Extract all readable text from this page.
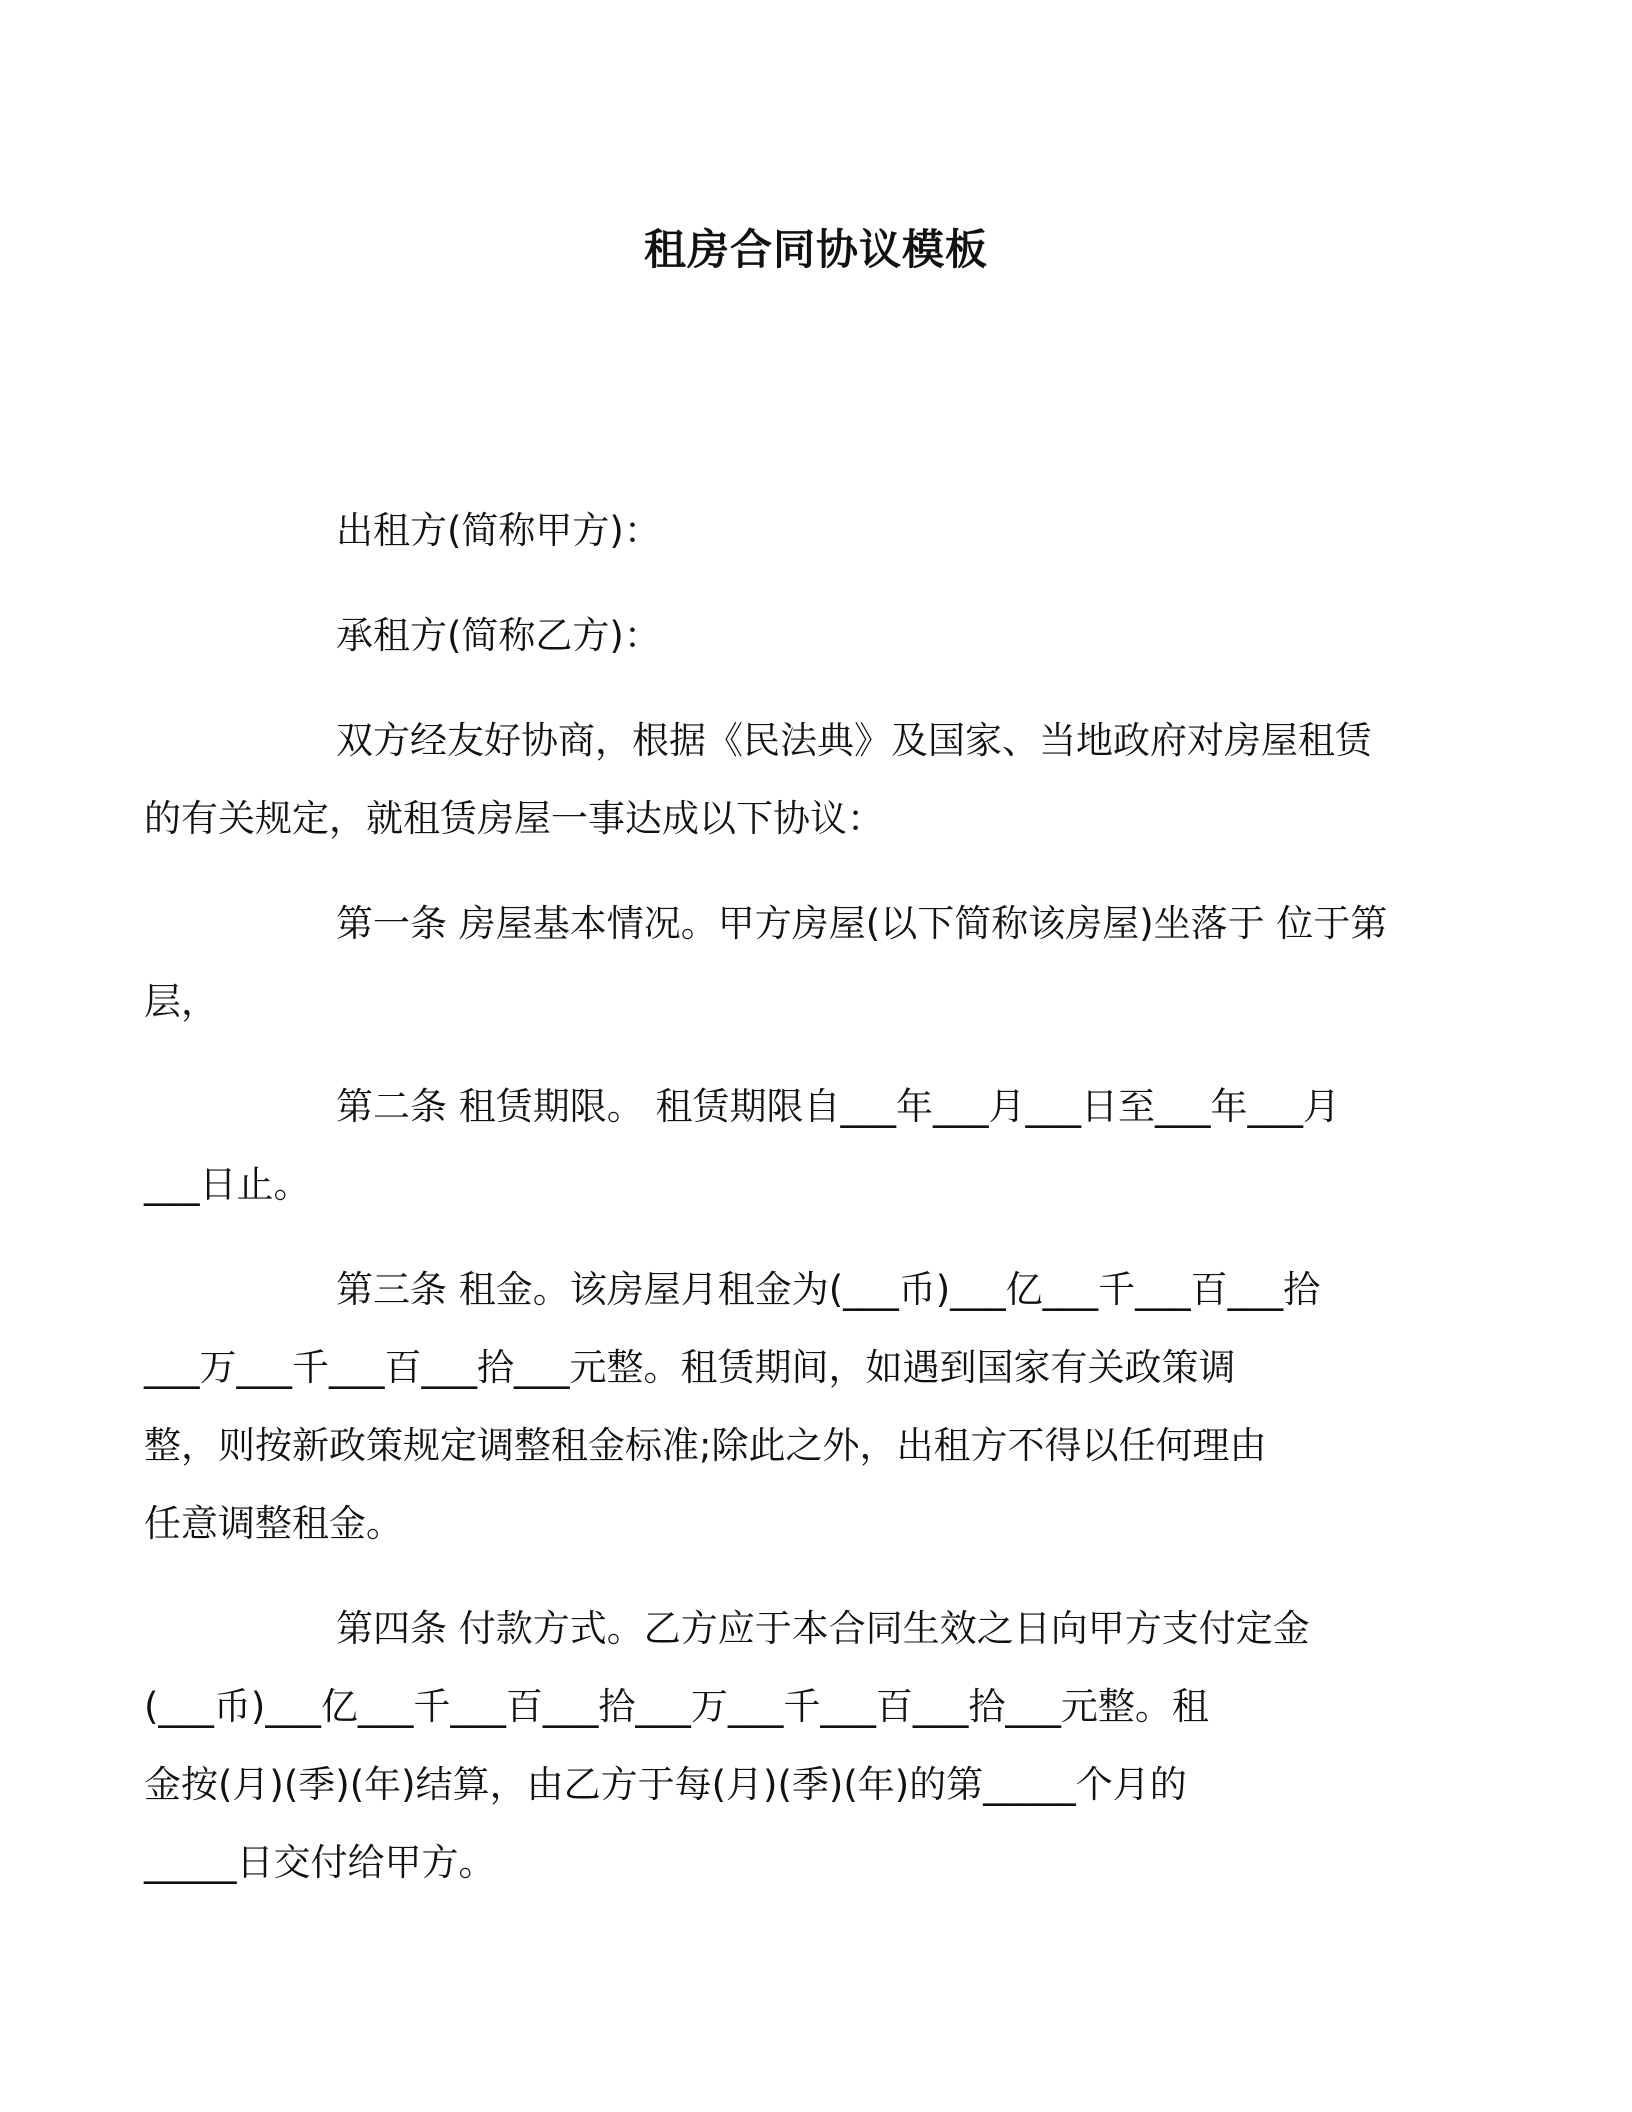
租房合同协议模板

出租方(简称甲方)：

承租方(简称乙方)：

双方经友好协商，根据《民法典》及国家、当地政府对房屋租赁
的有关规定，就租赁房屋一事达成以下协议：

第一条 房屋基本情况。甲方房屋(以下简称该房屋)坐落于 位于第
层，

第二条 租赁期限。 租赁期限自___年___月___日至___年___月
___日止。

第三条 租金。该房屋月租金为(___币)___亿___千___百___拾
___万___千___百___拾___元整。租赁期间，如遇到国家有关政策调
整，则按新政策规定调整租金标准;除此之外，出租方不得以任何理由
任意调整租金。

第四条 付款方式。乙方应于本合同生效之日向甲方支付定金
(___币)___亿___千___百___拾___万___千___百___拾___元整。租
金按(月)(季)(年)结算，由乙方于每(月)(季)(年)的第_____个月的
_____日交付给甲方。
